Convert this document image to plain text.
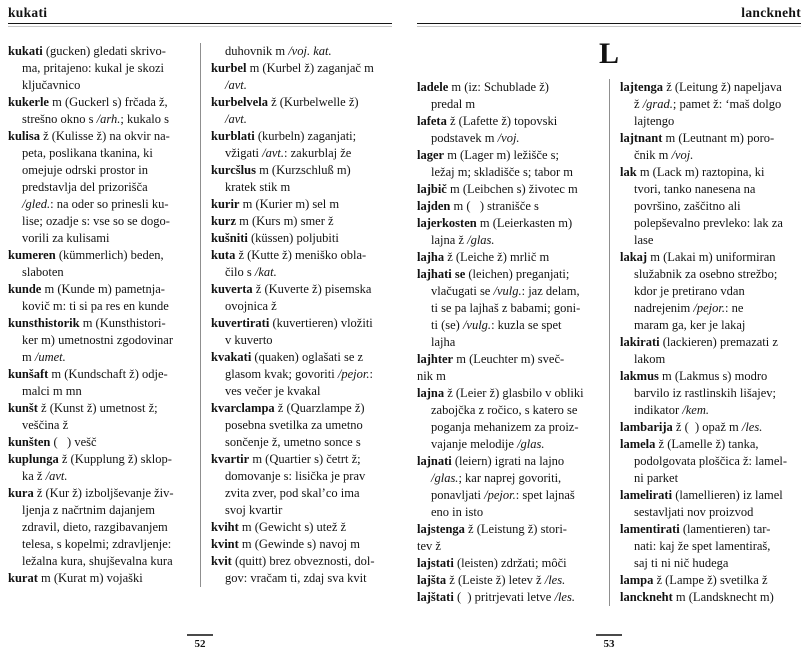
kukati
kukati (gucken) gledati skrivo-
ma, pritajeno: kukal je skozi
ključavnico
kukerle m (Guckerl s) frčada ž,
strešno okno s /arh.; kukalo s
kulisa ž (Kulisse ž) na okvir na-
peta, poslikana tkanina, ki
omejuje odrski prostor in
predstavlja del prizorišča
/gled.: na oder so prinesli ku-
lise; ozadje s: vse so se dogo-
vorili za kulisami
kumeren (kümmerlich) beden,
slaboten
kunde m (Kunde m) pametnja-
kovič m: ti si pa res en kunde
kunsthistorik m (Kunsthistori-
ker m) umetnostni zgodovinar
m /umet.
kunšaft m (Kundschaft ž) odje-
malci m mn
kunšt ž (Kunst ž) umetnost ž;
veščina ž
kunšten (   ) vešč
kuplunga ž (Kupplung ž) sklop-
ka ž /avt.
kura ž (Kur ž) izboljševanje živ-
ljenja z načrtnim dajanjem
zdravil, dieto, razgibavanjem
telesa, s kopelmi; zdravljenje:
ležalna kura, shujševalna kura
kurat m (Kurat m) vojaški
duhovnik m /voj. kat.
kurbel m (Kurbel ž) zaganjač m
/avt.
kurbelvela ž (Kurbelwelle ž)
/avt.
kurblati (kurbeln) zaganjati;
vžigati /avt.: zakurblaj že
kurcšlus m (Kurzschluß m)
kratek stik m
kurir m (Kurier m) sel m
kurz m (Kurs m) smer ž
kušniti (küssen) poljubiti
kuta ž (Kutte ž) meniško obla-
čilo s /kat.
kuverta ž (Kuverte ž) pisemska
ovojnica ž
kuvertirati (kuvertieren) vložiti
v kuverto
kvakati (quaken) oglašati se z
glasom kvak; govoriti /pejor.:
ves večer je kvakal
kvarclampa ž (Quarzlampe ž)
posebna svetilka za umetno
sončenje ž, umetno sonce s
kvartir m (Quartier s) četrt ž;
domovanje s: lisička je prav
zvita zver, pod skal’co ima
svoj kvartir
kviht m (Gewicht s) utež ž
kvint m (Gewinde s) navoj m
kvit (quitt) brez obveznosti, dol-
gov: vračam ti, zdaj sva kvit
52
lanckneht
L
ladele m (iz: Schublade ž)
predal m
lafeta ž (Lafette ž) topovski
podstavek m /voj.
lager m (Lager m) ležišče s;
ležaj m; skladišče s; tabor m
lajbič m (Leibchen s) životec m
lajden m (   ) stranišče s
lajerkosten m (Leierkasten m)
lajna ž /glas.
lajha ž (Leiche ž) mrlič m
lajhati se (leichen) preganjati;
vlačugati se /vulg.: jaz delam,
ti se pa lajhaš z babami; goni-
ti (se) /vulg.: kuzla se spet
lajha
lajhter m (Leuchter m) sveč-
nik m
lajna ž (Leier ž) glasbilo v obliki
zabojčka z ročico, s katero se
poganja mehanizem za proiz-
vajanje melodije /glas.
lajnati (leiern) igrati na lajno
/glas.; kar naprej govoriti,
ponavljati /pejor.: spet lajnaš
eno in isto
lajstenga ž (Leistung ž) stori-
tev ž
lajstati (leisten) zdržati; môči
lajšta ž (Leiste ž) letev ž /les.
lajštati (  ) pritrjevati letve /les.
lajtenga ž (Leitung ž) napeljava
ž /grad.; pamet ž: ‘maš dolgo
lajtengo
lajtnant m (Leutnant m) poro-
čnik m /voj.
lak m (Lack m) raztopina, ki
tvori, tanko nanesena na
površino, zaščitno ali
polepševalno prevleko: lak za
lase
lakaj m (Lakai m) uniformiran
služabnik za osebno strežbo;
kdor je pretirano vdan
nadrejenim /pejor.: ne
maram ga, ker je lakaj
lakirati (lackieren) premazati z
lakom
lakmus m (Lakmus s) modro
barvilo iz rastlinskih lišajev;
indikator /kem.
lambarija ž (  ) opaž m /les.
lamela ž (Lamelle ž) tanka,
podolgovata ploščica ž: lamel-
ni parket
lamelirati (lamellieren) iz lamel
sestavljati nov proizvod
lamentirati (lamentieren) tar-
nati: kaj že spet lamentiraš,
saj ti ni nič hudega
lampa ž (Lampe ž) svetilka ž
lanckneht m (Landsknecht m)
53
